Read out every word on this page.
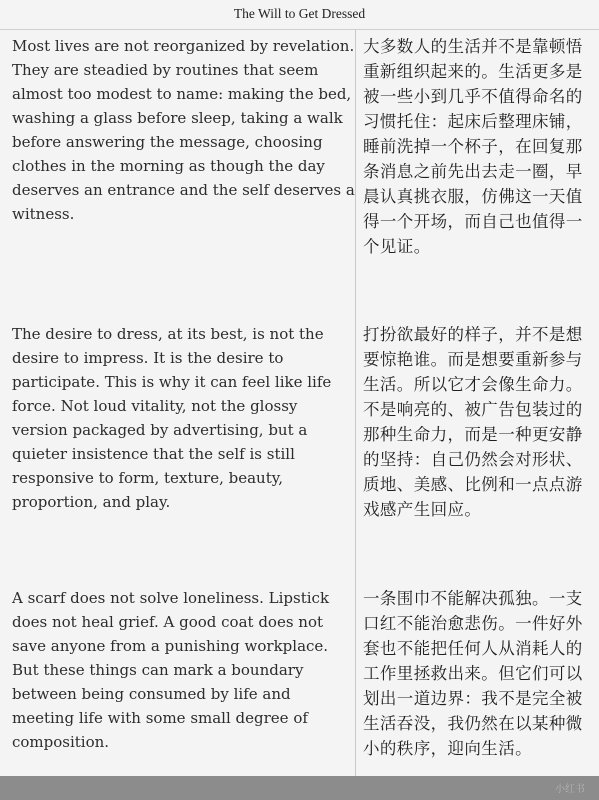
The Will to Get Dressed
Most lives are not reorganized by revelation. They are steadied by routines that seem almost too modest to name: making the bed, washing a glass before sleep, taking a walk before answering the message, choosing clothes in the morning as though the day deserves an entrance and the self deserves a witness.
大多数人的生活并不是靠顿悟重新组织起来的。生活更多是被一些小到几乎不值得命名的习惯托住：起床后整理床铺，睡前洗掉一个杯子，在回复那条消息之前先出去走一圈，早晨认真挑衣服，仿佛这一天值得一个开场，而自己也值得一个见证。
The desire to dress, at its best, is not the desire to impress. It is the desire to participate. This is why it can feel like life force. Not loud vitality, not the glossy version packaged by advertising, but a quieter insistence that the self is still responsive to form, texture, beauty, proportion, and play.
打扮欲最好的样子，并不是想要惊艳谁。而是想要重新参与生活。所以它才会像生命力。不是响亮的、被广告包装过的那种生命力，而是一种更安静的坚持：自己仍然会对形状、质地、美感、比例和一点点游戏感产生回应。
A scarf does not solve loneliness. Lipstick does not heal grief. A good coat does not save anyone from a punishing workplace. But these things can mark a boundary between being consumed by life and meeting life with some small degree of composition.
一条围巾不能解决孤独。一支口红不能治愈悲伤。一件好外套也不能把任何人从消耗人的工作里拯救出来。但它们可以划出一道边界：我不是完全被生活吞没，我仍然在以某种微小的秩序，迎向生活。
小红书
